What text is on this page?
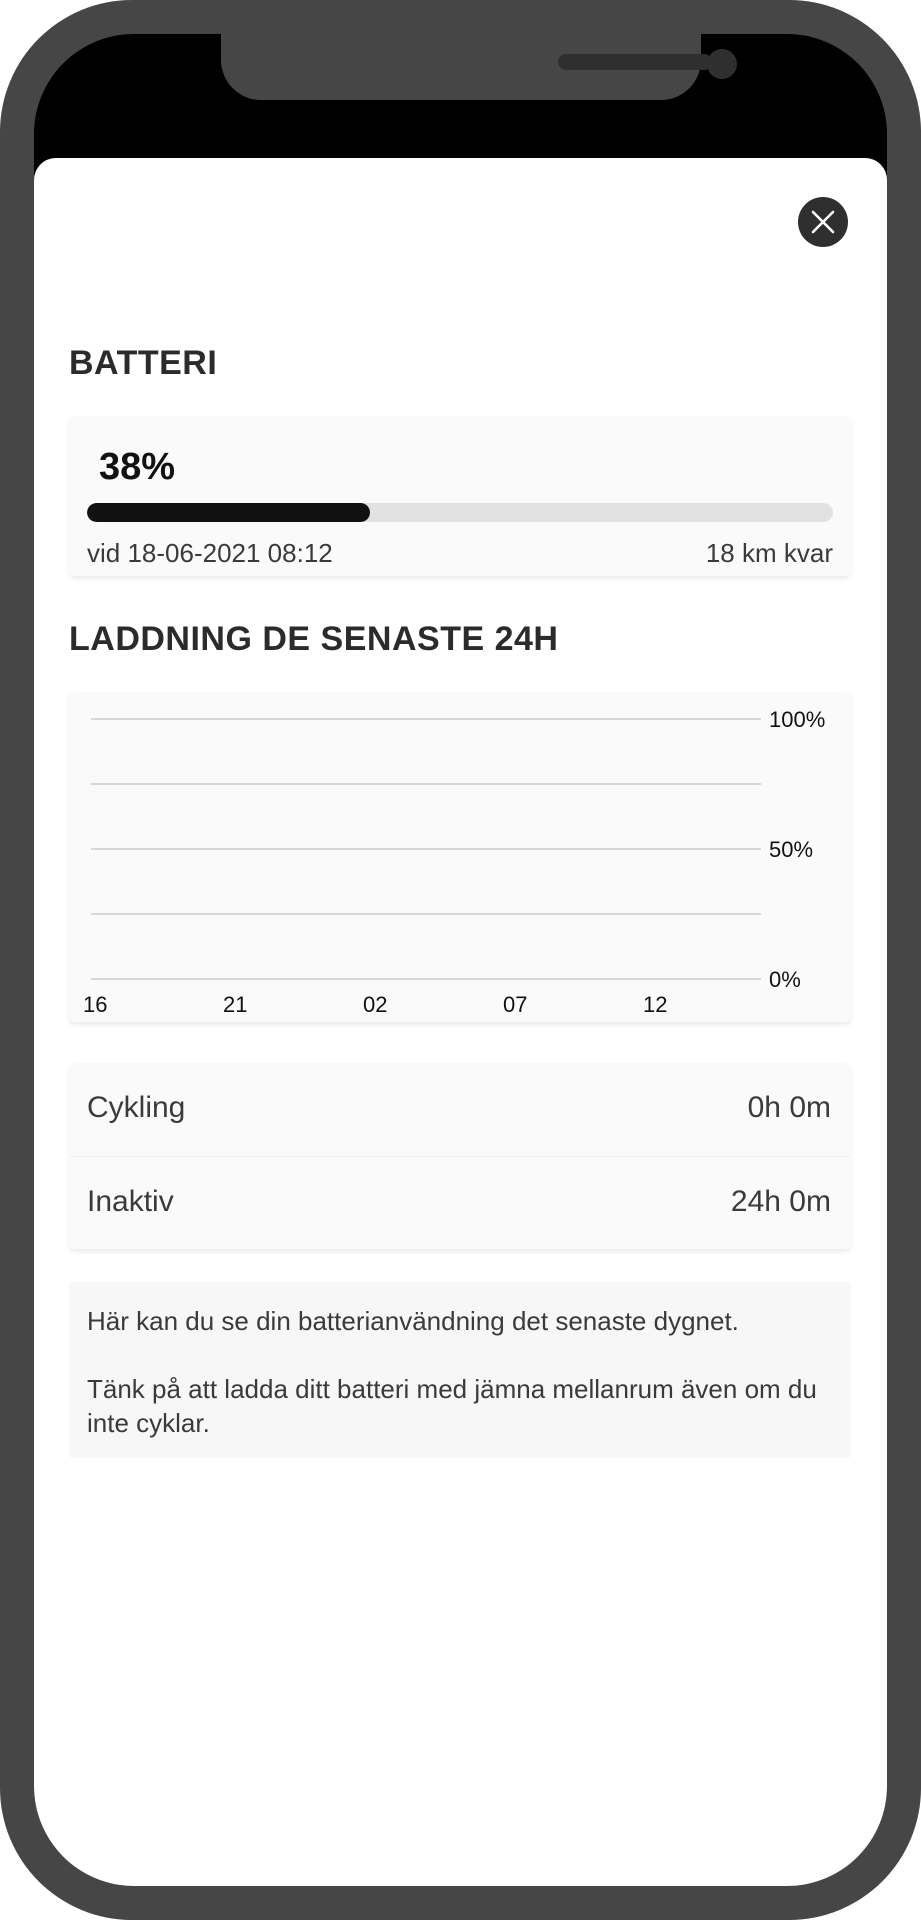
BATTERI
38%
vid 18-06-2021 08:12	18 km kvar
LADDNING DE SENASTE 24H
100%
50%
0%
16	21	02	07	12
Cykling	0h 0m
Inaktiv	24h 0m

Här kan du se din batterianvändning det senaste dygnet.

Tänk på att ladda ditt batteri med jämna mellanrum även om du inte cyklar.
